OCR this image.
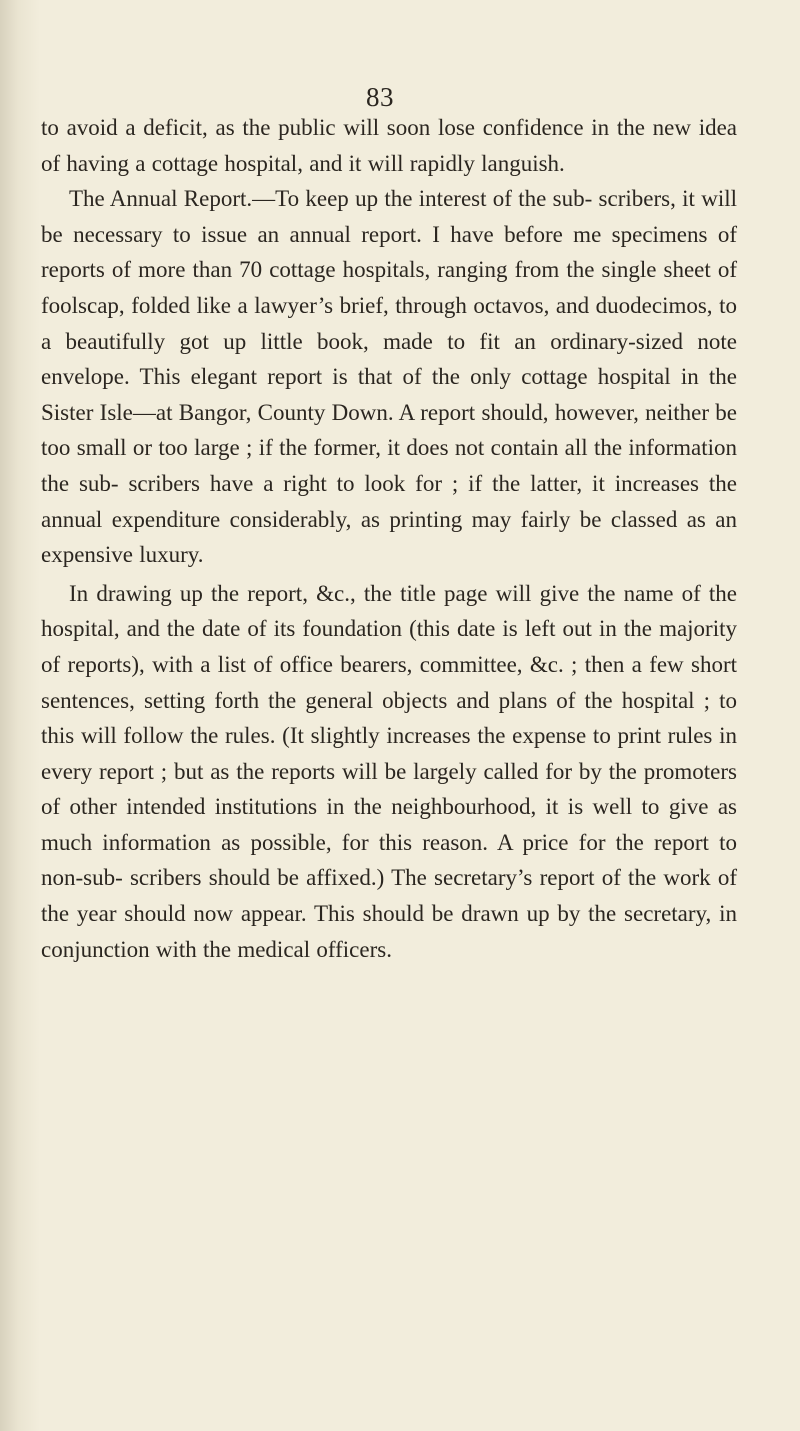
83

to avoid a deficit, as the public will soon lose confidence in the new idea of having a cottage hospital, and it will rapidly languish.

The Annual Report.—To keep up the interest of the sub- scribers, it will be necessary to issue an annual report. I have before me specimens of reports of more than 70 cottage hospitals, ranging from the single sheet of foolscap, folded like a lawyer’s brief, through octavos, and duodecimos, to a beautifully got up little book, made to fit an ordinary-sized note envelope. This elegant report is that of the only cottage hospital in the Sister Isle—at Bangor, County Down. A report should, however, neither be too small or too large ; if the former, it does not contain all the information the sub- scribers have a right to look for ; if the latter, it increases the annual expenditure considerably, as printing may fairly be classed as an expensive luxury.

In drawing up the report, &c., the title page will give the name of the hospital, and the date of its foundation (this date is left out in the majority of reports), with a list of office bearers, committee, &c. ; then a few short sentences, setting forth the general objects and plans of the hospital ; to this will follow the rules. (It slightly increases the expense to print rules in every report ; but as the reports will be largely called for by the promoters of other intended institutions in the neighbourhood, it is well to give as much information as possible, for this reason. A price for the report to non-sub- scribers should be affixed.) The secretary’s report of the work of the year should now appear. This should be drawn up by the secretary, in conjunction with the medical officers.
